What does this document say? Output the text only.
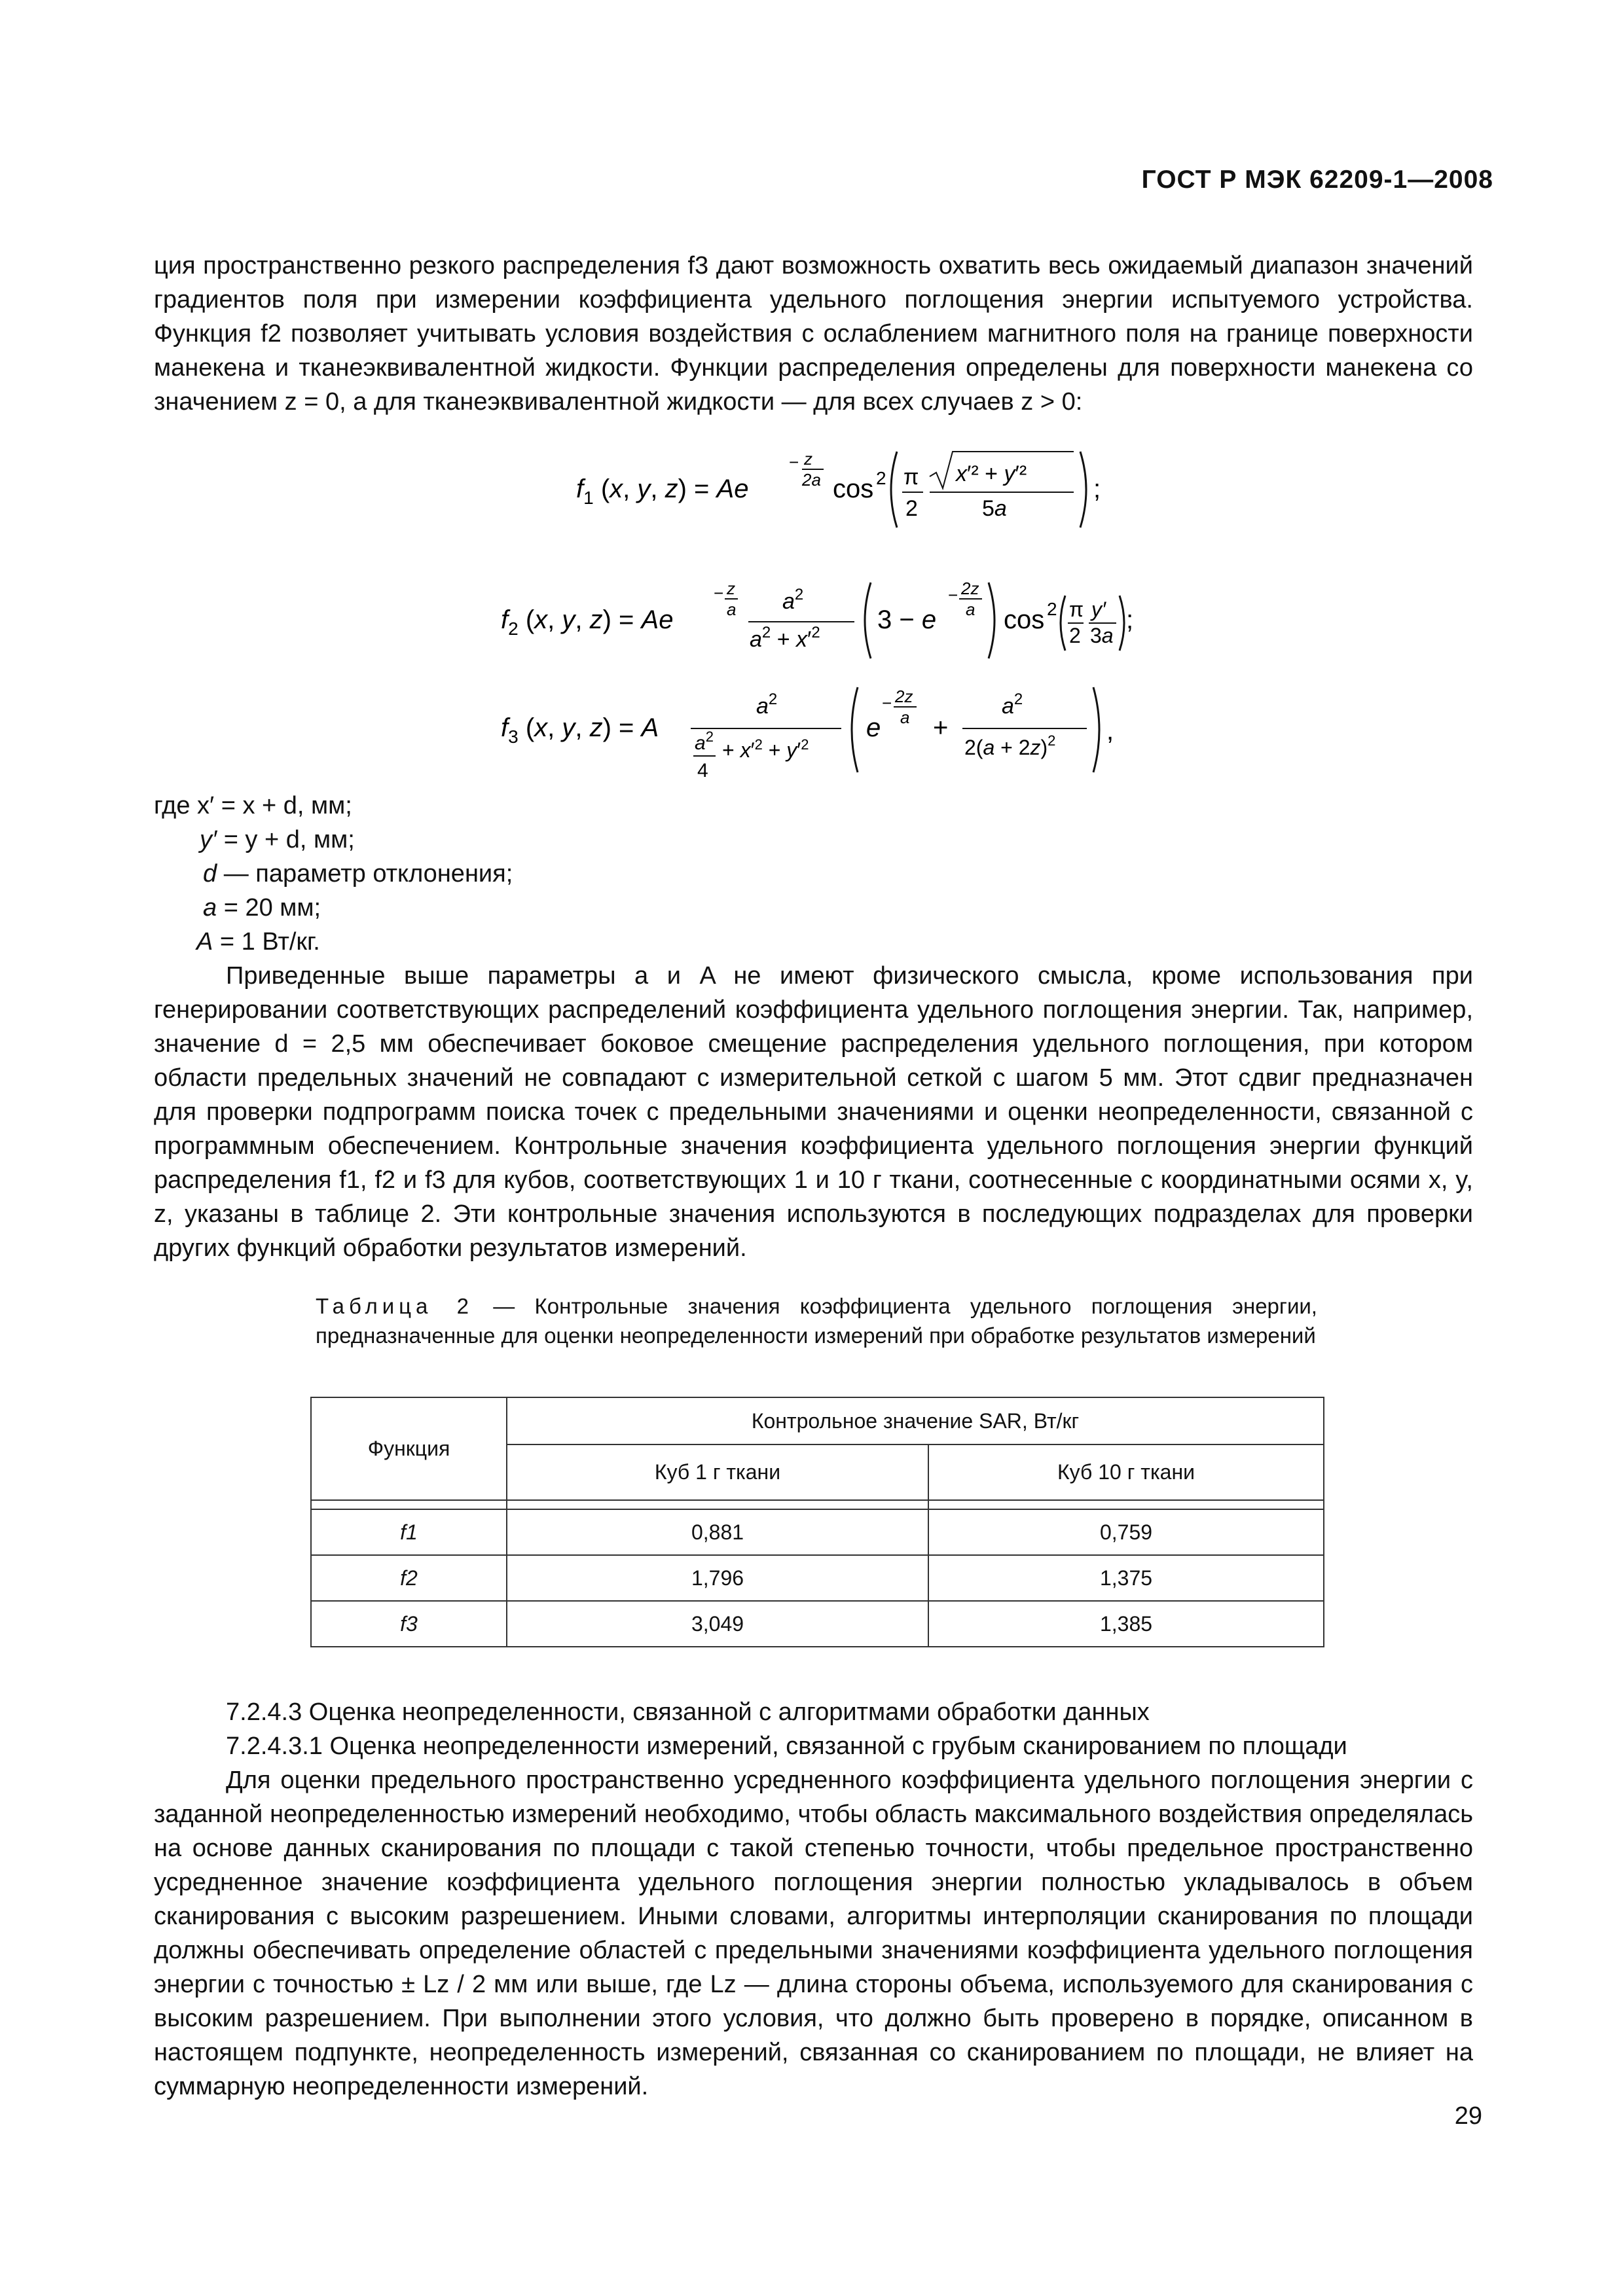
ГОСТ Р МЭК 62209-1—2008
ция пространственно резкого распределения f3 дают возможность охватить весь ожидаемый диапазон значений градиентов поля при измерении коэффициента удельного поглощения энергии испытуемого устройства. Функция f2 позволяет учитывать условия воздействия с ослаблением магнитного поля на границе поверхности манекена и тканеэквивалентной жидкости. Функции распределения определены для поверхности манекена со значением z = 0, а для тканеэквивалентной жидкости — для всех случаев z > 0:
$f_1$ (x, y, z) = Ae
− z
2a cos 2 π
2
x′² + y′²
5a
;
$f_2$ (x, y, z) = Ae
− z
a $a^2$
$a^2 + x'^2$ 3 − e
− 2z
a cos 2 π
2
y′
3a
;
$f_3$ (x, y, z) = A
$a^2$
$a^2$
4
+ $x'^2 + y'^2$
e
− 2z
a +
$a^2$
$2(a + 2z)^2$ ,
где x′ = x + d, мм;
y′ = y + d, мм;
d — параметр отклонения;
a = 20 мм;
A = 1 Вт/кг.
Приведенные выше параметры a и A не имеют физического смысла, кроме использования при генерировании соответствующих распределений коэффициента удельного поглощения энергии. Так, например, значение d = 2,5 мм обеспечивает боковое смещение распределения удельного поглощения, при котором области предельных значений не совпадают с измерительной сеткой с шагом 5 мм. Этот сдвиг предназначен для проверки подпрограмм поиска точек с предельными значениями и оценки неопределенности, связанной с программным обеспечением. Контрольные значения коэффициента удельного поглощения энергии функций распределения f1, f2 и f3 для кубов, соответствующих 1 и 10 г ткани, соотнесенные с координатными осями x, y, z, указаны в таблице 2. Эти контрольные значения используются в последующих подразделах для проверки других функций обработки результатов измерений.
Таблица 2 — Контрольные значения коэффициента удельного поглощения энергии, предназначенные для оценки неопределенности измерений при обработке результатов измерений
Функция	Контрольное значение SAR, Вт/кг	
	Куб 1 г ткани	Куб 10 г ткани

f1	0,881	0,759
f2	1,796	1,375
f3	3,049	1,385
7.2.4.3 Оценка неопределенности, связанной с алгоритмами обработки данных
7.2.4.3.1 Оценка неопределенности измерений, связанной с грубым сканированием по площади
Для оценки предельного пространственно усредненного коэффициента удельного поглощения энергии с заданной неопределенностью измерений необходимо, чтобы область максимального воздействия определялась на основе данных сканирования по площади с такой степенью точности, чтобы предельное пространственно усредненное значение коэффициента удельного поглощения энергии полностью укладывалось в объем сканирования с высоким разрешением. Иными словами, алгоритмы интерполяции сканирования по площади должны обеспечивать определение областей с предельными значениями коэффициента удельного поглощения энергии с точностью ± Lz / 2 мм или выше, где Lz — длина стороны объема, используемого для сканирования с высоким разрешением. При выполнении этого условия, что должно быть проверено в порядке, описанном в настоящем подпункте, неопределенность измерений, связанная со сканированием по площади, не влияет на суммарную неопределенности измерений.
29
